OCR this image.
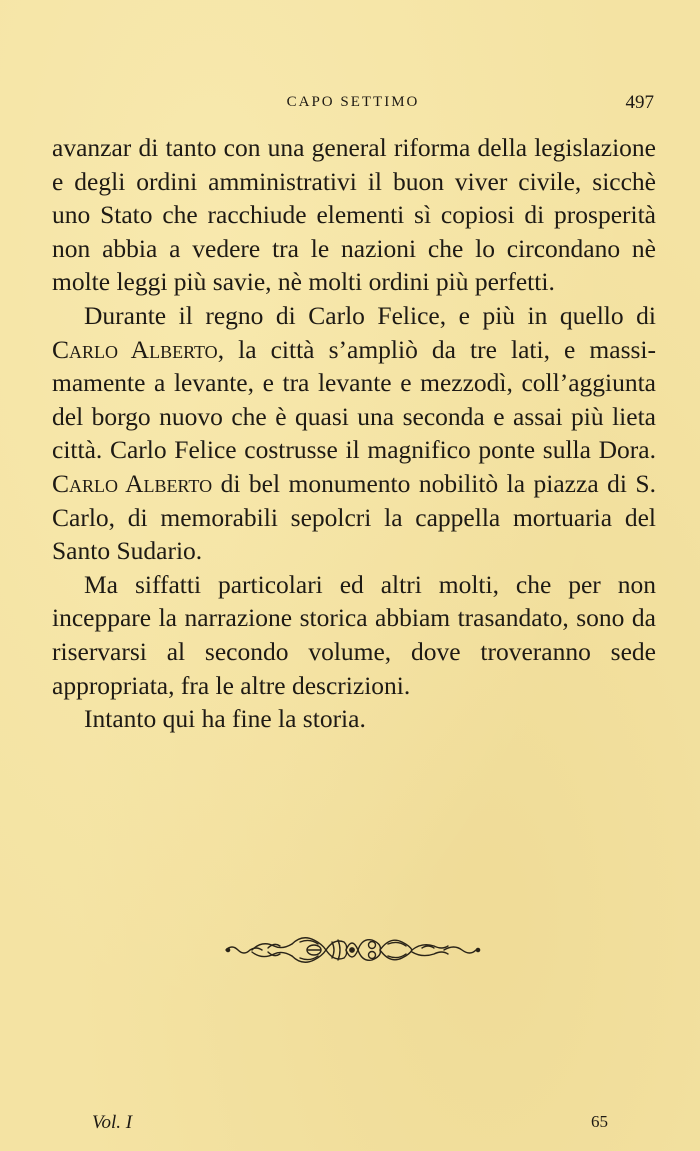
CAPO SETTIMO	497

avanzar di tanto con una general riforma della legislazione e degli ordini amministrativi il buon viver civile, sicchè uno Stato che racchiude elementi sì copiosi di prosperità non abbia a vedere tra le nazioni che lo circondano nè molte leggi più savie, nè molti ordini più perfetti.

Durante il regno di Carlo Felice, e più in quello di Carlo Alberto, la città s’ampliò da tre lati, e massimamente a levante, e tra levante e mezzodì, coll’aggiunta del borgo nuovo che è quasi una seconda e assai più lieta città. Carlo Felice costrusse il magnifico ponte sulla Dora. Carlo Alberto di bel monumento nobilitò la piazza di S. Carlo, di memorabili sepolcri la cappella mortuaria del Santo Sudario.

Ma siffatti particolari ed altri molti, che per non inceppare la narrazione storica abbiam trasandato, sono da riservarsi al secondo volume, dove troveranno sede appropriata, fra le altre descrizioni.

Intanto qui ha fine la storia.

Vol. I	65
